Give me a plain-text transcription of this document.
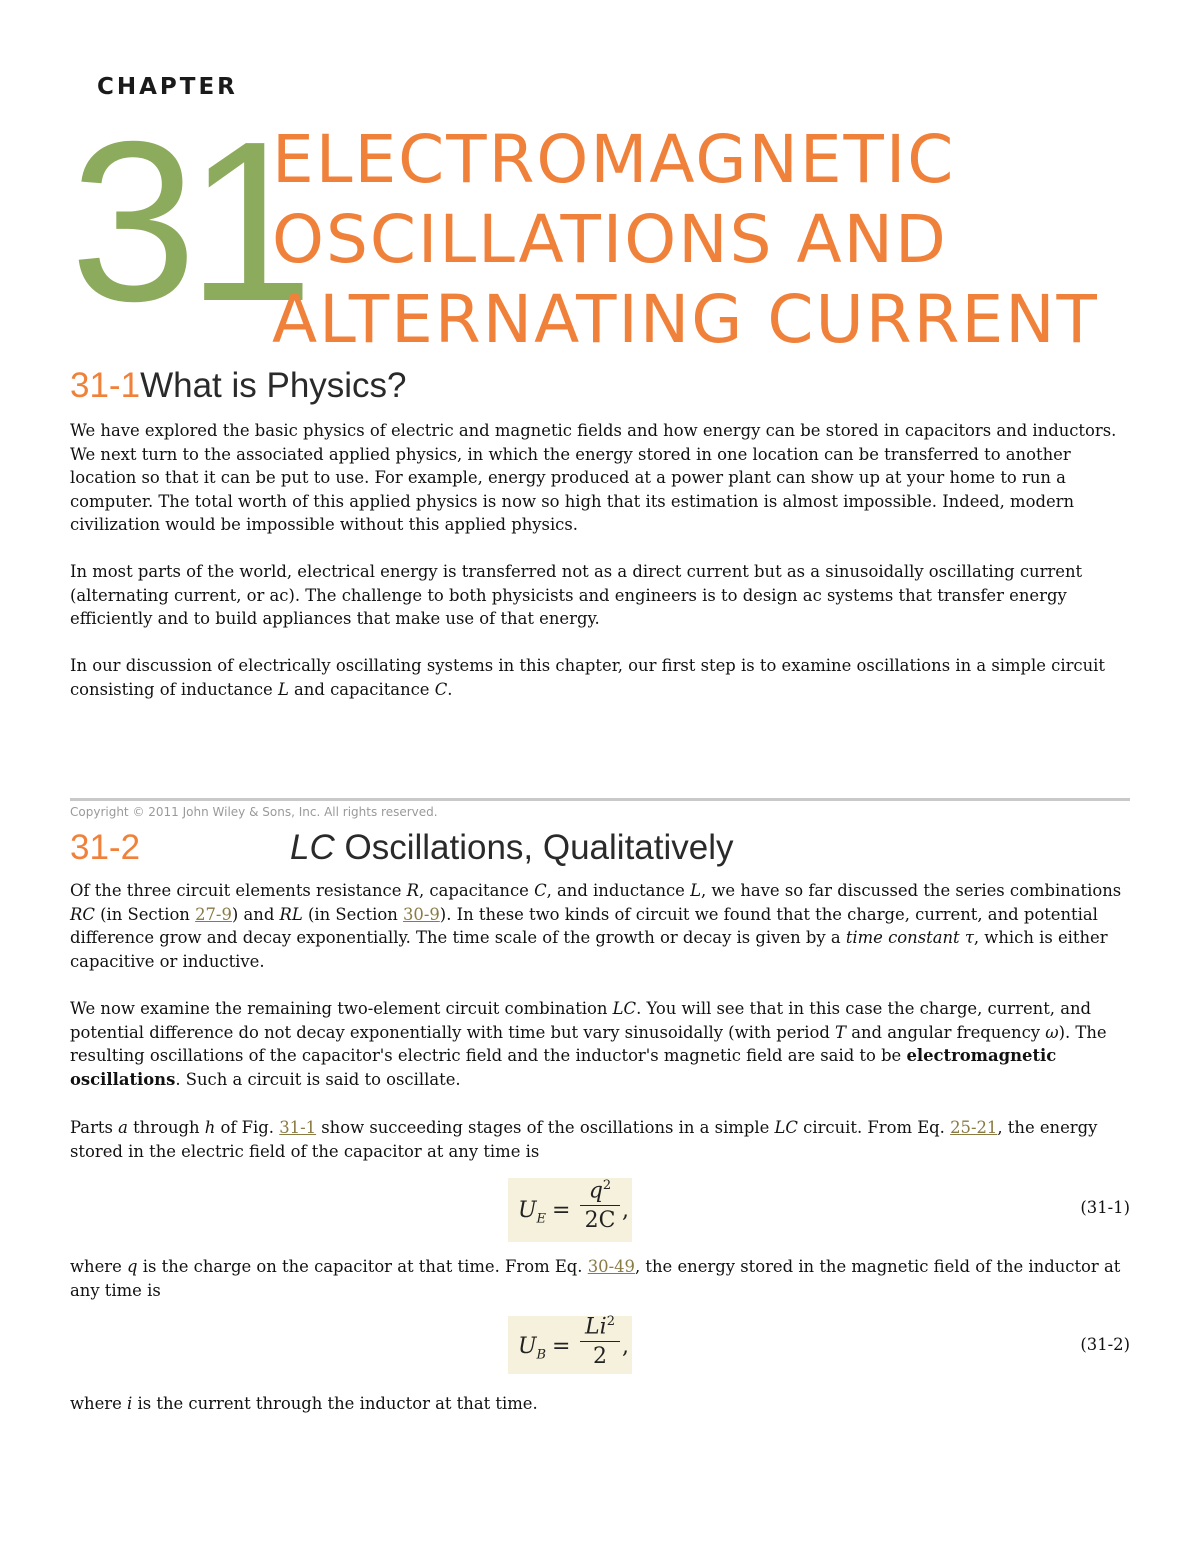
CHAPTER
31
ELECTROMAGNETIC
OSCILLATIONS AND
ALTERNATING CURRENT
31-1What is Physics?

We have explored the basic physics of electric and magnetic fields and how energy can be stored in capacitors and inductors. We next turn to the associated applied physics, in which the energy stored in one location can be transferred to another location so that it can be put to use. For example, energy produced at a power plant can show up at your home to run a computer. The total worth of this applied physics is now so high that its estimation is almost impossible. Indeed, modern civilization would be impossible without this applied physics.

In most parts of the world, electrical energy is transferred not as a direct current but as a sinusoidally oscillating current (alternating current, or ac). The challenge to both physicists and engineers is to design ac systems that transfer energy efficiently and to build appliances that make use of that energy.

In our discussion of electrically oscillating systems in this chapter, our first step is to examine oscillations in a simple circuit consisting of inductance L and capacitance C.

Copyright © 2011 John Wiley & Sons, Inc. All rights reserved.
31-2	LC Oscillations, Qualitatively

Of the three circuit elements resistance R, capacitance C, and inductance L, we have so far discussed the series combinations RC (in Section 27-9) and RL (in Section 30-9). In these two kinds of circuit we found that the charge, current, and potential difference grow and decay exponentially. The time scale of the growth or decay is given by a time constant τ, which is either capacitive or inductive.

We now examine the remaining two-element circuit combination LC. You will see that in this case the charge, current, and potential difference do not decay exponentially with time but vary sinusoidally (with period T and angular frequency ω). The resulting oscillations of the capacitor's electric field and the inductor's magnetic field are said to be electromagnetic oscillations. Such a circuit is said to oscillate.

Parts a through h of Fig. 31-1 show succeeding stages of the oscillations in a simple LC circuit. From Eq. 25-21, the energy stored in the electric field of the capacitor at any time is

$U_E$ =
$q^2$
2C ,	(31-1)

where q is the charge on the capacitor at that time. From Eq. 30-49, the energy stored in the magnetic field of the inductor at any time is

$U_B$ =
$Li^2$
2 ,	(31-2)

where i is the current through the inductor at that time.
